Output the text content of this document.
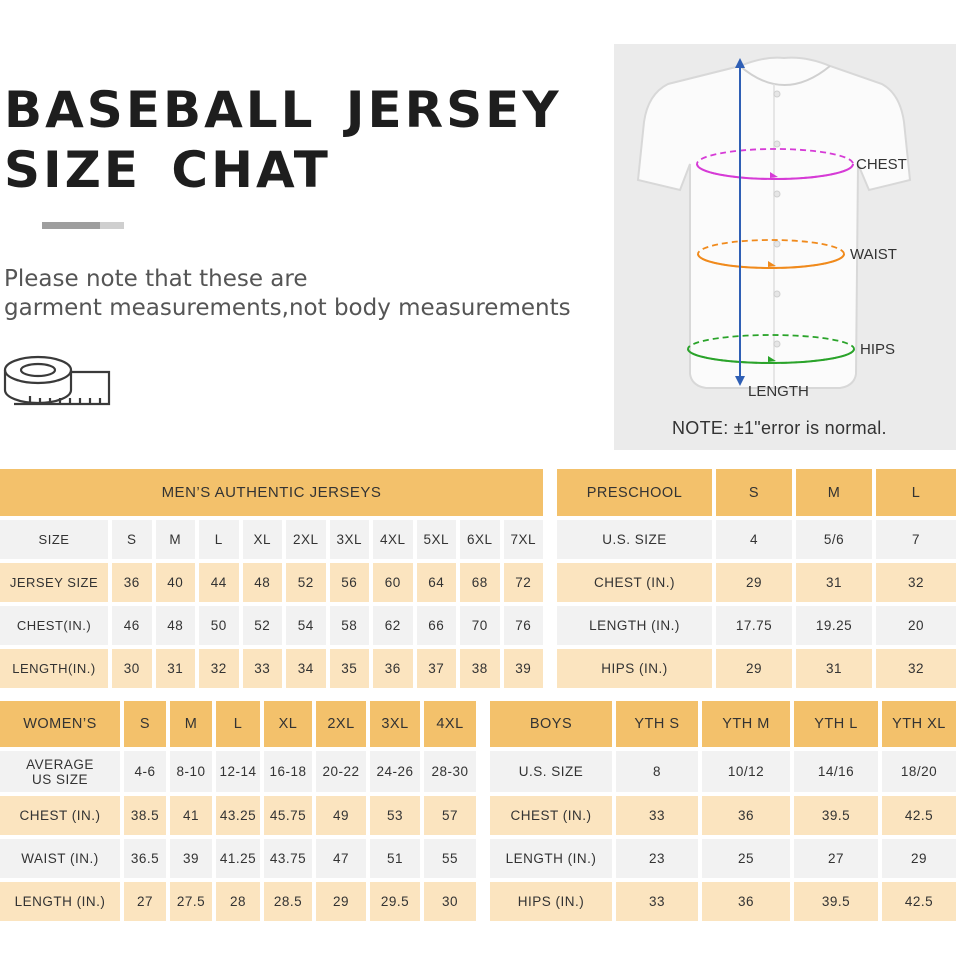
BASEBALL JERSEY
SIZE CHAT
Please note that these are
garment measurements,not body measurements
CHEST
WAIST
HIPS
LENGTH
NOTE: ±1"error is normal.
MEN’S AUTHENTIC JERSEYS										
SIZE	S	M	L	XL	2XL	3XL	4XL	5XL	6XL	7XL
JERSEY SIZE	36	40	44	48	52	56	60	64	68	72
CHEST(IN.)	46	48	50	52	54	58	62	66	70	76
LENGTH(IN.)	30	31	32	33	34	35	36	37	38	39
PRESCHOOL	S	M	L
U.S. SIZE	4	5/6	7
CHEST (IN.)	29	31	32
LENGTH (IN.)	17.75	19.25	20
HIPS (IN.)	29	31	32
WOMEN’S	S	M	L	XL	2XL	3XL	4XL
AVERAGE
US SIZE	4-6	8-10	12-14	16-18	20-22	24-26	28-30
CHEST (IN.)	38.5	41	43.25	45.75	49	53	57
WAIST (IN.)	36.5	39	41.25	43.75	47	51	55
LENGTH (IN.)	27	27.5	28	28.5	29	29.5	30
BOYS	YTH S	YTH M	YTH L	YTH XL
U.S. SIZE	8	10/12	14/16	18/20
CHEST (IN.)	33	36	39.5	42.5
LENGTH (IN.)	23	25	27	29
HIPS (IN.)	33	36	39.5	42.5
